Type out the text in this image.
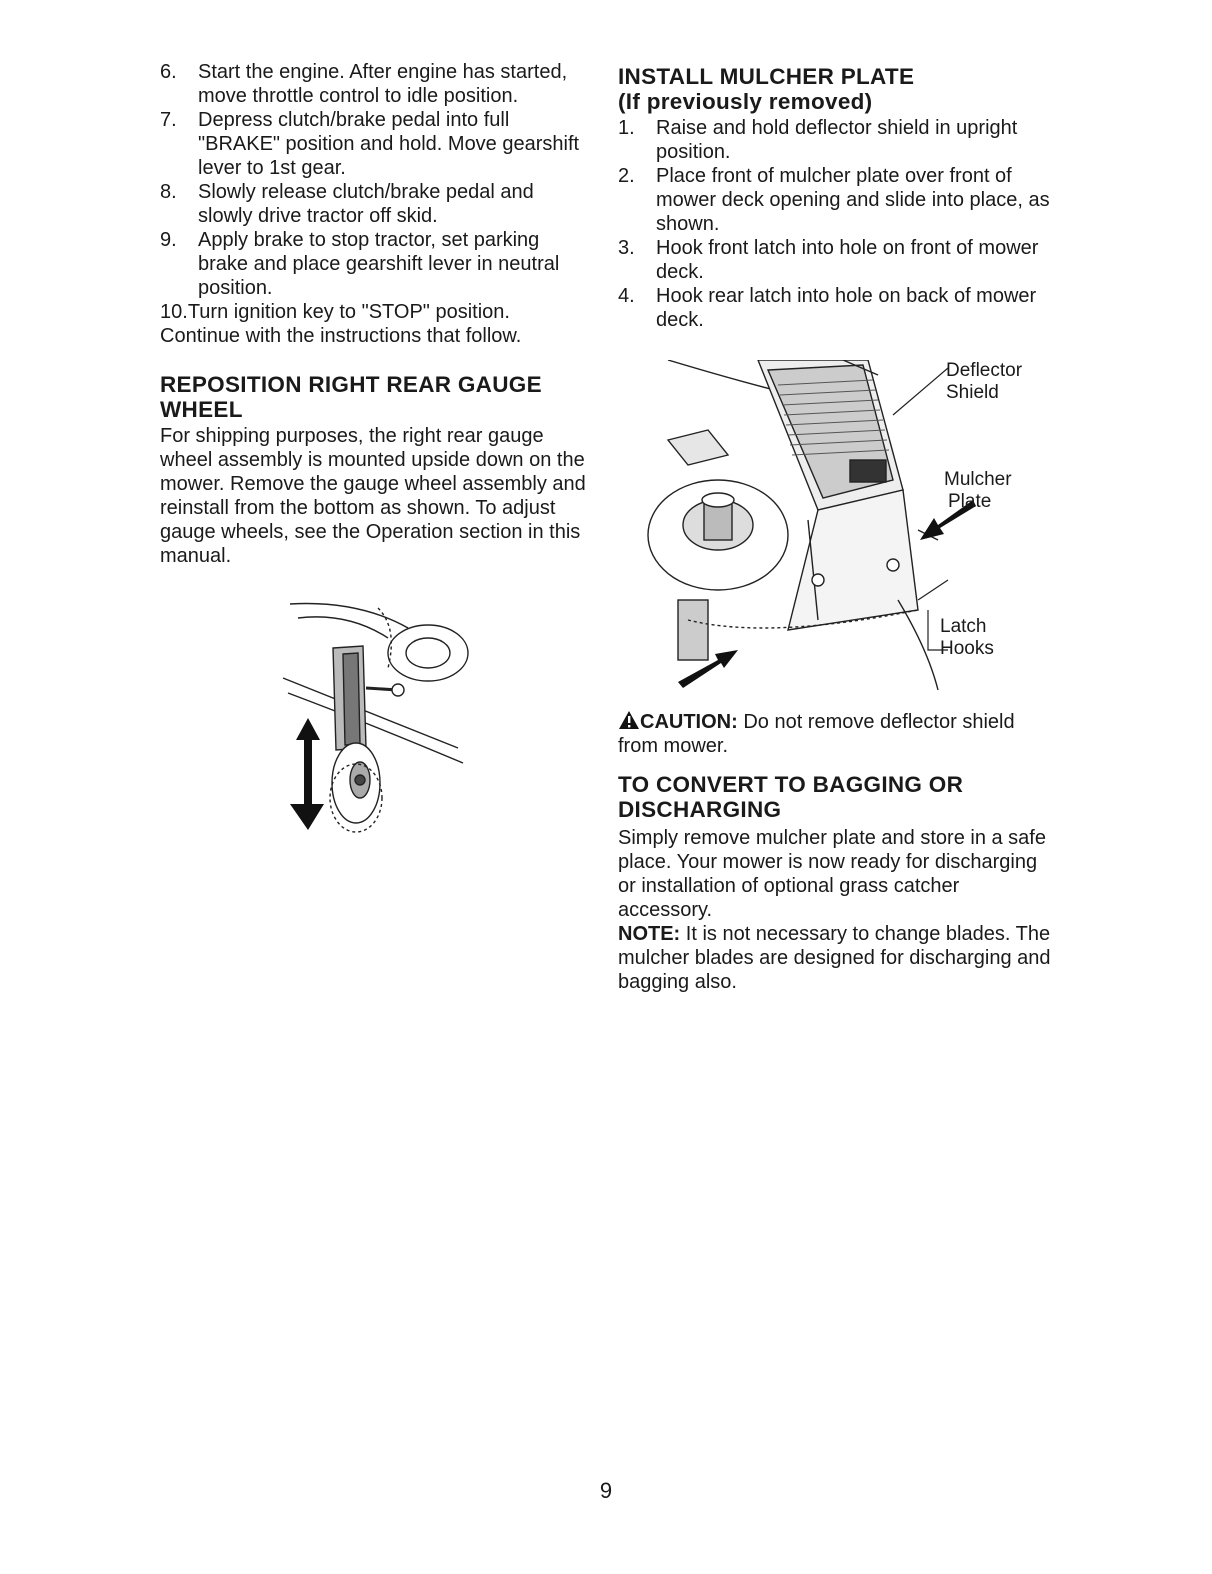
6. Start the engine. After engine has started, move throttle control to idle position.
7. Depress clutch/brake pedal into full "BRAKE" position and hold. Move gearshift lever to 1st gear.
8. Slowly release clutch/brake pedal and slowly drive tractor off skid.
9. Apply brake to stop tractor, set parking brake and place gearshift lever in neutral position.
10.Turn ignition key to "STOP" position.

Continue with the instructions that follow.

REPOSITION RIGHT REAR GAUGE WHEEL

For shipping purposes, the right rear gauge wheel assembly is mounted upside down on the mower. Remove the gauge wheel assembly and reinstall from the bottom as shown. To adjust gauge wheels, see the Operation section in this manual.

INSTALL MULCHER PLATE
(If previously removed)
1. Raise and hold deflector shield in upright position.
2. Place front of mulcher plate over front of mower deck opening and slide into place, as shown.
3. Hook front latch into hole on front of mower deck.
4. Hook rear latch into hole on back of mower deck.
Deflector
Shield
Mulcher
Plate
Latch
Hooks

CAUTION: Do not remove deflector shield from mower.

TO CONVERT TO BAGGING OR DISCHARGING

Simply remove mulcher plate and store in a safe place. Your mower is now ready for discharging or installation of optional grass catcher accessory.

NOTE: It is not necessary to change blades. The mulcher blades are designed for discharging and bagging also.

9
